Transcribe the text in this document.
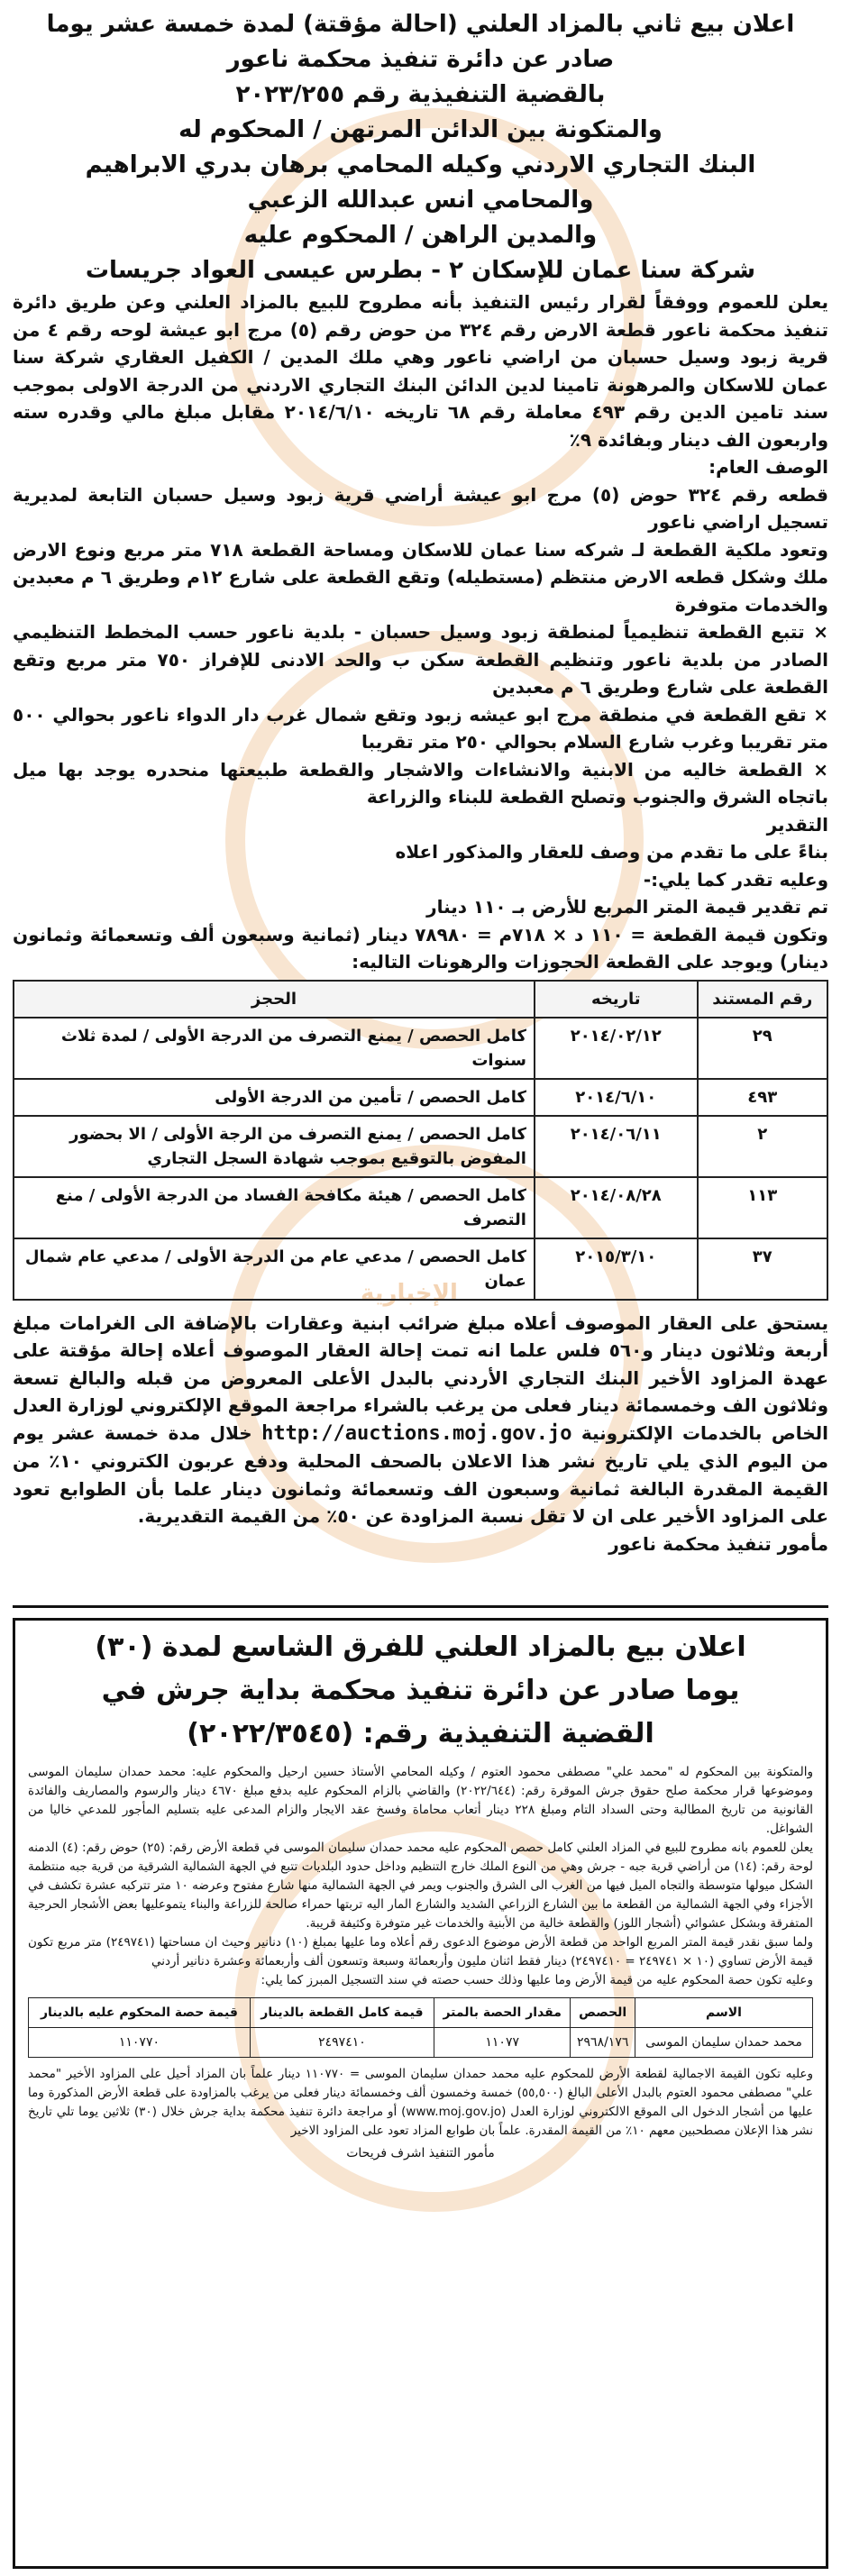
الإخبارية

اعلان بيع ثاني بالمزاد العلني (احالة مؤقتة) لمدة خمسة عشر يوما

صادر عن دائرة تنفيذ محكمة ناعور

بالقضية التنفيذية رقم ٢٠٢٣/٢٥٥

والمتكونة بين الدائن المرتهن / المحكوم له

البنك التجاري الاردني وكيله المحامي برهان بدري الابراهيم

والمحامي انس عبدالله الزعبي

والمدين الراهن / المحكوم عليه

شركة سنا عمان للإسكان ٢ - بطرس عيسى العواد جريسات

يعلن للعموم ووفقاً لقرار رئيس التنفيذ بأنه مطروح للبيع بالمزاد العلني وعن طريق دائرة تنفيذ محكمة ناعور قطعة الارض رقم ٣٢٤ من حوض رقم (٥) مرج ابو عيشة لوحه رقم ٤ من قرية زبود وسيل حسبان من اراضي ناعور وهي ملك المدين / الكفيل العقاري شركة سنا عمان للاسكان والمرهونة تامينا لدين الدائن البنك التجاري الاردني من الدرجة الاولى بموجب سند تامين الدين رقم ٤٩٣ معاملة رقم ٦٨ تاريخه ٢٠١٤/٦/١٠ مقابل مبلغ مالي وقدره سته واربعون الف دينار وبفائدة ٩٪

الوصف العام:

قطعه رقم ٣٢٤ حوض (٥) مرج ابو عيشة أراضي قرية زبود وسيل حسبان التابعة لمديرية تسجيل اراضي ناعور

وتعود ملكية القطعة لـ شركه سنا عمان للاسكان ومساحة القطعة ٧١٨ متر مربع ونوع الارض ملك وشكل قطعه الارض منتظم (مستطيله) وتقع القطعة على شارع ١٢م وطريق ٦ م معبدين والخدمات متوفرة

× تتبع القطعة تنظيمياً لمنطقة زبود وسيل حسبان - بلدية ناعور حسب المخطط التنظيمي الصادر من بلدية ناعور وتنظيم القطعة سكن ب والحد الادنى للإفراز ٧٥٠ متر مربع وتقع القطعة على شارع وطريق ٦ م معبدين

× تقع القطعة في منطقة مرج ابو عيشه زبود وتقع شمال غرب دار الدواء ناعور بحوالي ٥٠٠ متر تقريبا وغرب شارع السلام بحوالي ٢٥٠ متر تقريبا

× القطعة خاليه من الابنية والانشاءات والاشجار والقطعة طبيعتها منحدره يوجد بها ميل باتجاه الشرق والجنوب وتصلح القطعة للبناء والزراعة

التقدير

بناءً على ما تقدم من وصف للعقار والمذكور اعلاه

وعليه تقدر كما يلي:-

تم تقدير قيمة المتر المربع للأرض بـ ١١٠ دينار

وتكون قيمة القطعة = ١١٠ د × ٧١٨م = ٧٨٩٨٠ دينار (ثمانية وسبعون ألف وتسعمائة وثمانون دينار) ويوجد على القطعة الحجوزات والرهونات التاليه:

رقم المستند	تاريخه	الحجز
٢٩	٢٠١٤/٠٢/١٢	كامل الحصص / يمنع التصرف من الدرجة الأولى / لمدة ثلاث سنوات
٤٩٣	٢٠١٤/٦/١٠	كامل الحصص / تأمين من الدرجة الأولى
٢	٢٠١٤/٠٦/١١	كامل الحصص / يمنع التصرف من الرجة الأولى / الا بحضور المفوض بالتوقيع بموجب شهادة السجل التجاري
١١٣	٢٠١٤/٠٨/٢٨	كامل الحصص / هيئة مكافحة الفساد من الدرجة الأولى / منع التصرف
٣٧	٢٠١٥/٣/١٠	كامل الحصص / مدعي عام من الدرجة الأولى / مدعي عام شمال عمان

يستحق على العقار الموصوف أعلاه مبلغ ضرائب ابنية وعقارات بالإضافة الى الغرامات مبلغ أربعة وثلاثون دينار و٥٦٠ فلس علما انه تمت إحالة العقار الموصوف أعلاه إحالة مؤقتة على عهدة المزاود الأخير البنك التجاري الأردني بالبدل الأعلى المعروض من قبله والبالغ تسعة وثلاثون الف وخمسمائة دينار فعلى من يرغب بالشراء مراجعة الموقع الإلكتروني لوزارة العدل الخاص بالخدمات الإلكترونية http://auctions.moj.gov.jo خلال مدة خمسة عشر يوم من اليوم الذي يلي تاريخ نشر هذا الاعلان بالصحف المحلية ودفع عربون الكتروني ١٠٪ من القيمة المقدرة البالغة ثمانية وسبعون الف وتسعمائة وثمانون دينار علما بأن الطوابع تعود على المزاود الأخير على ان لا تقل نسبة المزاودة عن ٥٠٪ من القيمة التقديرية.

مأمور تنفيذ محكمة ناعور

اعلان بيع بالمزاد العلني للفرق الشاسع لمدة (٣٠)

يوما صادر عن دائرة تنفيذ محكمة بداية جرش في

القضية التنفيذية رقم: (٢٠٢٢/٣٥٤٥)

والمتكونة بين المحكوم له "محمد علي" مصطفى محمود العتوم / وكيله المحامي الأستاذ حسين ارحيل والمحكوم عليه: محمد حمدان سليمان الموسى وموضوعها قرار محكمة صلح حقوق جرش الموقرة رقم: (٢٠٢٢/٦٤٤) والقاضي بالزام المحكوم عليه بدفع مبلغ ٤٦٧٠ دينار والرسوم والمصاريف والفائدة القانونية من تاريخ المطالبة وحتى السداد التام ومبلغ ٢٢٨ دينار أتعاب محاماة وفسخ عقد الايجار والزام المدعى عليه بتسليم المأجور للمدعي خاليا من الشواغل.

يعلن للعموم بانه مطروح للبيع في المزاد العلني كامل حصص المحكوم عليه محمد حمدان سليمان الموسى في قطعة الأرض رقم: (٢٥) حوض رقم: (٤) الدمنه لوحة رقم: (١٤) من أراضي قرية جبه - جرش وهي من النوع الملك خارج التنظيم وداخل حدود البلديات تتبع في الجهة الشمالية الشرقية من قرية جبه منتظمة الشكل ميولها متوسطة والتجاه الميل فيها من الغرب الى الشرق والجنوب ويمر في الجهة الشمالية منها شارع مفتوح وعرضه ١٠ متر تتركبه عشرة تكشف في الأجزاء وفي الجهة الشمالية من القطعة ما بين الشارع الزراعي الشديد والشارع المار اليه تربتها حمراء صالحة للزراعة والبناء يتموعليها بعض الأشجار الحرجية المتفرقة وبشكل عشوائي (أشجار اللوز) والقطعة خالية من الأبنية والخدمات غير متوفرة وكثيفة قريبة.

ولما سبق نقدر قيمة المتر المربع الواحد من قطعة الأرض موضوع الدعوى رقم أعلاه وما عليها بمبلغ (١٠) دنانير وحيث ان مساحتها (٢٤٩٧٤١) متر مربع تكون قيمة الأرض تساوي (١٠ × ٢٤٩٧٤١ = ٢٤٩٧٤١٠) دينار فقط اثنان مليون وأربعمائة وسبعة وتسعون ألف وأربعمائة وعشرة دنانير أردني

وعليه تكون حصة المحكوم عليه من قيمة الأرض وما عليها وذلك حسب حصته في سند التسجيل المبرز كما يلي:

الاسم	الحصص	مقدار الحصة بالمتر	قيمة كامل القطعة بالدينار	قيمة حصة المحكوم عليه بالدينار
محمد حمدان سليمان الموسى	٢٩٦٨/١٧٦	١١٠٧٧	٢٤٩٧٤١٠	١١٠٧٧٠

وعليه تكون القيمة الاجمالية لقطعة الأرض للمحكوم عليه محمد حمدان سليمان الموسى = ١١٠٧٧٠ دينار علماً بان المزاد أحيل على المزاود الأخير "محمد علي" مصطفى محمود العتوم بالبدل الأعلى البالغ (٥٥,٥٠٠) خمسة وخمسون ألف وخمسمائة دينار فعلى من يرغب بالمزاودة على قطعة الأرض المذكورة وما عليها من أشجار الدخول الى الموقع الالكتروني لوزارة العدل (www.moj.gov.jo) أو مراجعة دائرة تنفيذ محكمة بداية جرش خلال (٣٠) ثلاثين يوما تلي تاريخ نشر هذا الإعلان مصطحبين معهم ١٠٪ من القيمة المقدرة. علماً بان طوابع المزاد تعود على المزاود الاخير

مأمور التنفيذ اشرف فريحات
